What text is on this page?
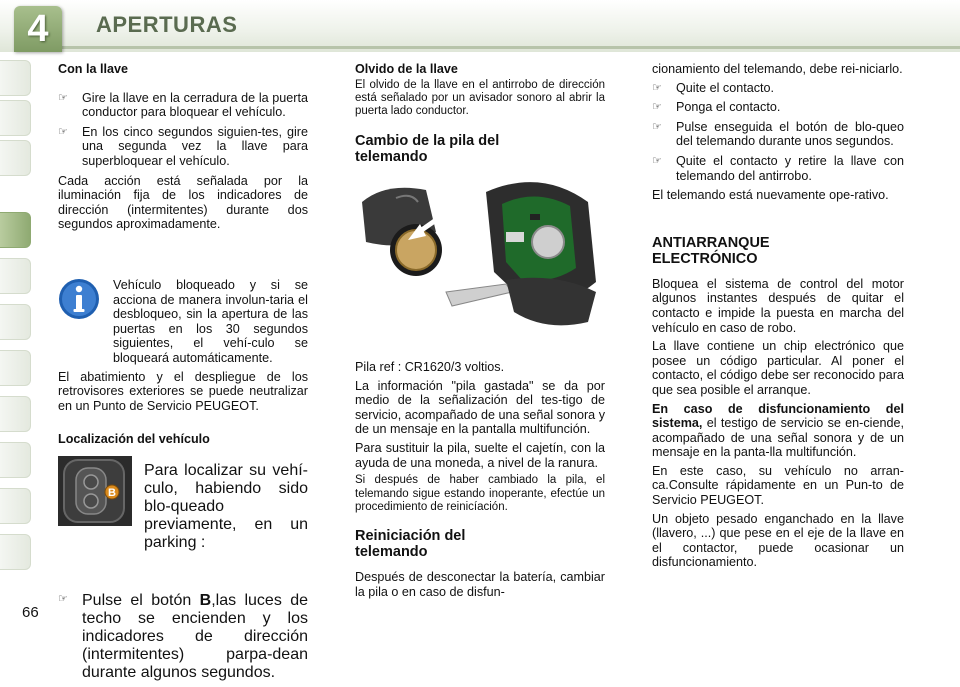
4	APERTURAS

Con la llave

☞ Gire la llave en la cerradura de la puerta conductor para bloquear el vehículo.
☞ En los cinco segundos siguien-tes, gire una segunda vez la llave para superbloquear el vehículo.

Cada acción está señalada por la iluminación fija de los indicadores de dirección (intermitentes) durante dos segundos aproximadamente.

Vehículo bloqueado y si se acciona de manera involun-taria el desbloqueo, sin la apertura de las puertas en los 30 segundos siguientes, el vehí-culo se bloqueará automáticamente.

El abatimiento y el despliegue de los retrovisores exteriores se puede neutralizar en un Punto de Servicio PEUGEOT.

Localización del vehículo

B

Para localizar su vehí-culo, habiendo sido blo-queado previamente, en un parking :

☞ Pulse el botón B,las luces de techo se encienden y los indicadores de dirección (intermitentes) parpa-dean durante algunos segundos.

Olvido de la llave

El olvido de la llave en el antirrobo de dirección está señalado por un avisador sonoro al abrir la puerta lado conductor.

Cambio de la pila del
telemando

Pila ref : CR1620/3 voltios.

La información "pila gastada" se da por medio de la señalización del tes-tigo de servicio, acompañado de una señal sonora y de un mensaje en la pantalla multifunción.

Para sustituir la pila, suelte el cajetín, con la ayuda de una moneda, a nivel de la ranura.

Si después de haber cambiado la pila, el telemando sigue estando inoperante, efectúe un procedimiento de reinicíación.

Reiniciación del
telemando

Después de desconectar la batería, cambiar la pila o en caso de disfun-

cionamiento del telemando, debe rei-niciarlo.

☞ Quite el contacto.
☞ Ponga el contacto.
☞ Pulse enseguida el botón de blo-queo del telemando durante unos segundos.
☞ Quite el contacto y retire la llave con telemando del antirrobo.

El telemando está nuevamente ope-rativo.

ANTIARRANQUE
ELECTRÓNICO

Bloquea el sistema de control del motor algunos instantes después de quitar el contacto e impide la puesta en marcha del vehículo en caso de robo.

La llave contiene un chip electrónico que posee un código particular. Al poner el contacto, el código debe ser reconocido para que sea posible el arranque.

En caso de disfuncionamiento del sistema, el testigo de servicio se en-ciende, acompañado de una señal sonora y de un mensaje en la panta-lla multifunción.

En este caso, su vehículo no arran-ca.Consulte rápidamente en un Pun-to de Servicio PEUGEOT.

Un objeto pesado enganchado en la llave (llavero, ...) que pese en el eje de la llave en el contactor, puede ocasionar un disfuncionamiento.

66
